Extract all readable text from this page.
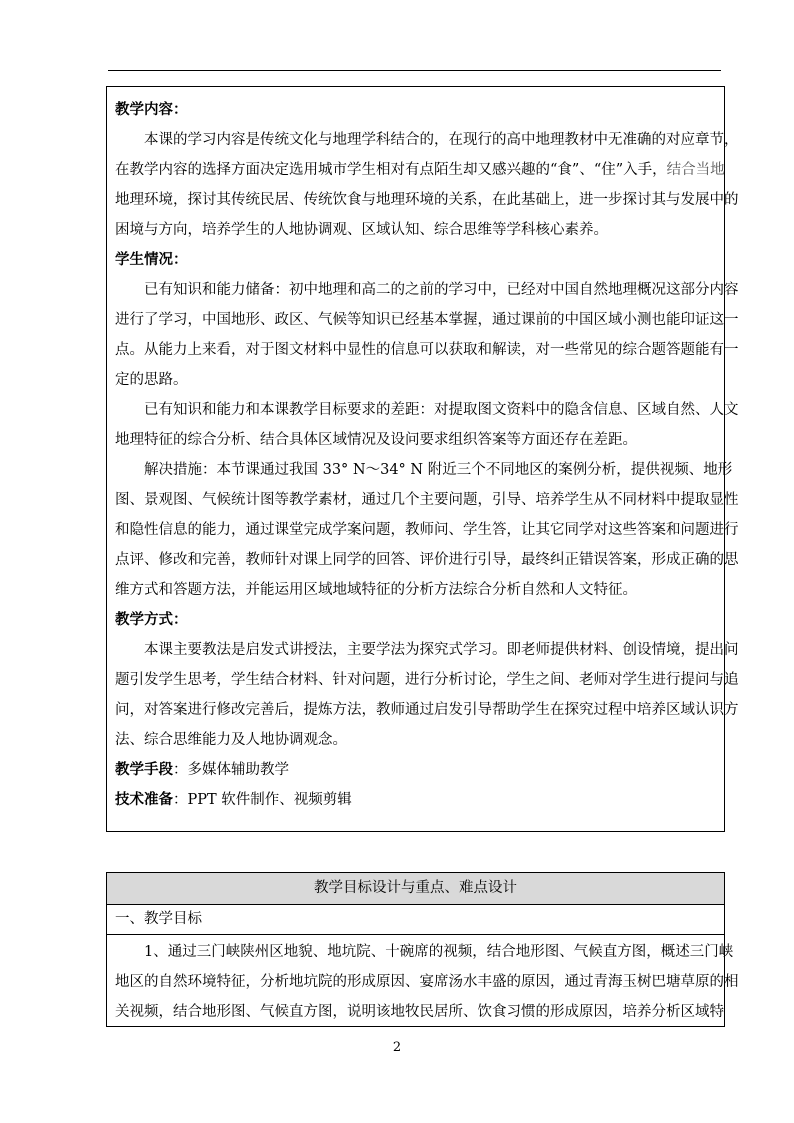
教学内容：
本课的学习内容是传统文化与地理学科结合的，在现行的高中地理教材中无准确的对应章节，
在教学内容的选择方面决定选用城市学生相对有点陌生却又感兴趣的“食”、“住”入手，结合当地
地理环境，探讨其传统民居、传统饮食与地理环境的关系，在此基础上，进一步探讨其与发展中的
困境与方向，培养学生的人地协调观、区域认知、综合思维等学科核心素养。
学生情况：
已有知识和能力储备：初中地理和高二的之前的学习中，已经对中国自然地理概况这部分内容
进行了学习，中国地形、政区、气候等知识已经基本掌握，通过课前的中国区域小测也能印证这一
点。从能力上来看，对于图文材料中显性的信息可以获取和解读，对一些常见的综合题答题能有一
定的思路。
已有知识和能力和本课教学目标要求的差距：对提取图文资料中的隐含信息、区域自然、人文
地理特征的综合分析、结合具体区域情况及设问要求组织答案等方面还存在差距。
解决措施：本节课通过我国 33° N～34° N 附近三个不同地区的案例分析，提供视频、地形
图、景观图、气候统计图等教学素材，通过几个主要问题，引导、培养学生从不同材料中提取显性
和隐性信息的能力，通过课堂完成学案问题，教师问、学生答，让其它同学对这些答案和问题进行
点评、修改和完善，教师针对课上同学的回答、评价进行引导，最终纠正错误答案，形成正确的思
维方式和答题方法，并能运用区域地域特征的分析方法综合分析自然和人文特征。
教学方式：
本课主要教法是启发式讲授法，主要学法为探究式学习。即老师提供材料、创设情境，提出问
题引发学生思考，学生结合材料、针对问题，进行分析讨论，学生之间、老师对学生进行提问与追
问，对答案进行修改完善后，提炼方法，教师通过启发引导帮助学生在探究过程中培养区域认识方
法、综合思维能力及人地协调观念。
教学手段：多媒体辅助教学
技术准备：PPT 软件制作、视频剪辑
教学目标设计与重点、难点设计
一、教学目标
1、通过三门峡陕州区地貌、地坑院、十碗席的视频，结合地形图、气候直方图，概述三门峡
地区的自然环境特征，分析地坑院的形成原因、宴席汤水丰盛的原因，通过青海玉树巴塘草原的相
关视频，结合地形图、气候直方图，说明该地牧民居所、饮食习惯的形成原因，培养分析区域特
2
